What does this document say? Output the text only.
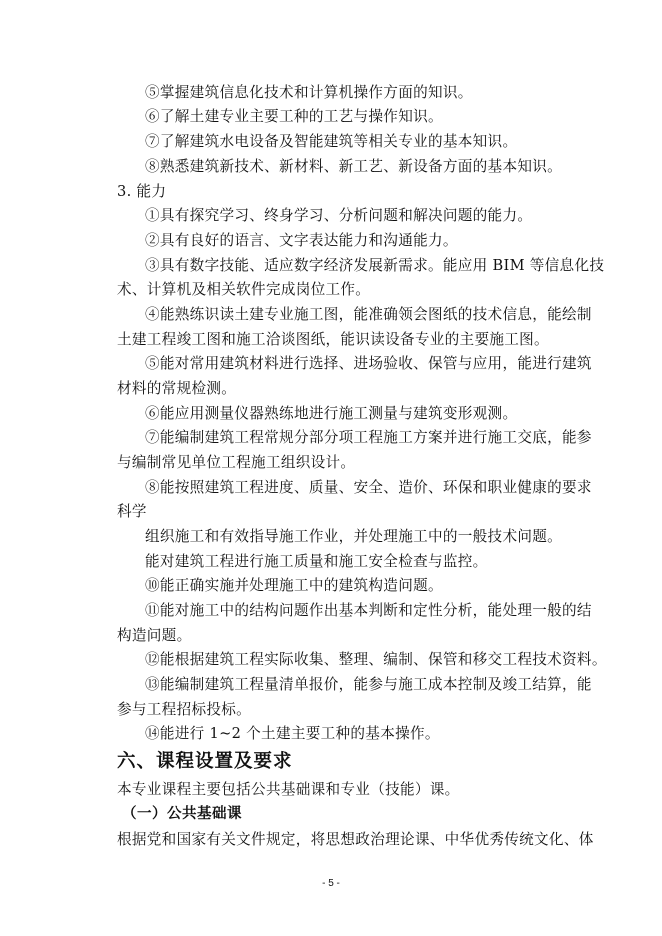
⑤掌握建筑信息化技术和计算机操作方面的知识。
⑥了解土建专业主要工种的工艺与操作知识。
⑦了解建筑水电设备及智能建筑等相关专业的基本知识。
⑧熟悉建筑新技术、新材料、新工艺、新设备方面的基本知识。
3. 能力
①具有探究学习、终身学习、分析问题和解决问题的能力。
②具有良好的语言、文字表达能力和沟通能力。
③具有数字技能、适应数字经济发展新需求。能应用 BIM 等信息化技
术、计算机及相关软件完成岗位工作。
④能熟练识读土建专业施工图，能准确领会图纸的技术信息，能绘制
土建工程竣工图和施工洽谈图纸，能识读设备专业的主要施工图。
⑤能对常用建筑材料进行选择、进场验收、保管与应用，能进行建筑
材料的常规检测。
⑥能应用测量仪器熟练地进行施工测量与建筑变形观测。
⑦能编制建筑工程常规分部分项工程施工方案并进行施工交底，能参
与编制常见单位工程施工组织设计。
⑧能按照建筑工程进度、质量、安全、造价、环保和职业健康的要求
科学
组织施工和有效指导施工作业，并处理施工中的一般技术问题。
能对建筑工程进行施工质量和施工安全检查与监控。
⑩能正确实施并处理施工中的建筑构造问题。
⑪能对施工中的结构问题作出基本判断和定性分析，能处理一般的结
构造问题。
⑫能根据建筑工程实际收集、整理、编制、保管和移交工程技术资料。
⑬能编制建筑工程量清单报价，能参与施工成本控制及竣工结算，能
参与工程招标投标。
⑭能进行 1~2 个土建主要工种的基本操作。
六、课程设置及要求
本专业课程主要包括公共基础课和专业（技能）课。
（一）公共基础课
根据党和国家有关文件规定，将思想政治理论课、中华优秀传统文化、体
- 5 -
